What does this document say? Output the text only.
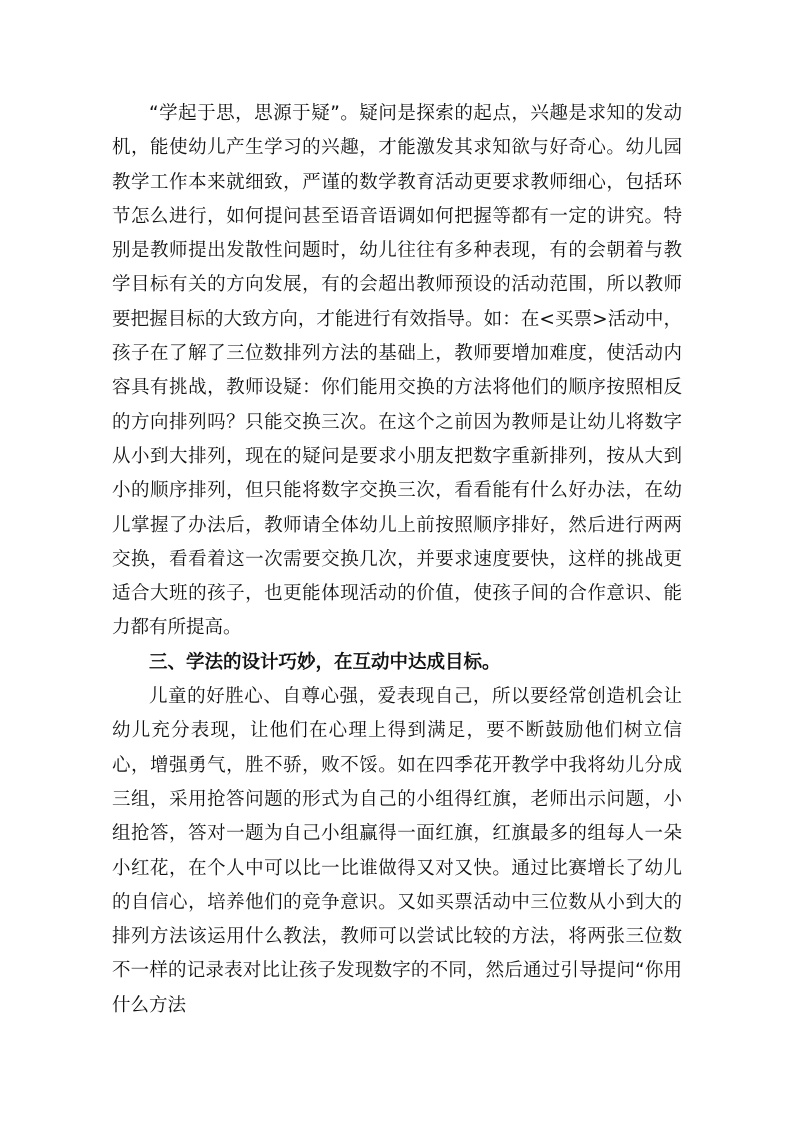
“学起于思，思源于疑”。疑问是探索的起点，兴趣是求知的发动机，能使幼儿产生学习的兴趣，才能激发其求知欲与好奇心。幼儿园教学工作本来就细致，严谨的数学教育活动更要求教师细心，包括环节怎么进行，如何提问甚至语音语调如何把握等都有一定的讲究。特别是教师提出发散性问题时，幼儿往往有多种表现，有的会朝着与教学目标有关的方向发展，有的会超出教师预设的活动范围，所以教师要把握目标的大致方向，才能进行有效指导。如：在<买票>活动中，孩子在了解了三位数排列方法的基础上，教师要增加难度，使活动内容具有挑战，教师设疑：你们能用交换的方法将他们的顺序按照相反的方向排列吗？只能交换三次。在这个之前因为教师是让幼儿将数字从小到大排列，现在的疑问是要求小朋友把数字重新排列，按从大到小的顺序排列，但只能将数字交换三次，看看能有什么好办法，在幼儿掌握了办法后，教师请全体幼儿上前按照顺序排好，然后进行两两交换，看看着这一次需要交换几次，并要求速度要快，这样的挑战更适合大班的孩子，也更能体现活动的价值，使孩子间的合作意识、能力都有所提高。

三、学法的设计巧妙，在互动中达成目标。

儿童的好胜心、自尊心强，爱表现自己，所以要经常创造机会让幼儿充分表现，让他们在心理上得到满足，要不断鼓励他们树立信心，增强勇气，胜不骄，败不馁。如在四季花开教学中我将幼儿分成三组，采用抢答问题的形式为自己的小组得红旗，老师出示问题，小组抢答，答对一题为自己小组赢得一面红旗，红旗最多的组每人一朵小红花，在个人中可以比一比谁做得又对又快。通过比赛增长了幼儿的自信心，培养他们的竞争意识。又如买票活动中三位数从小到大的排列方法该运用什么教法，教师可以尝试比较的方法，将两张三位数不一样的记录表对比让孩子发现数字的不同，然后通过引导提问“你用什么方法
